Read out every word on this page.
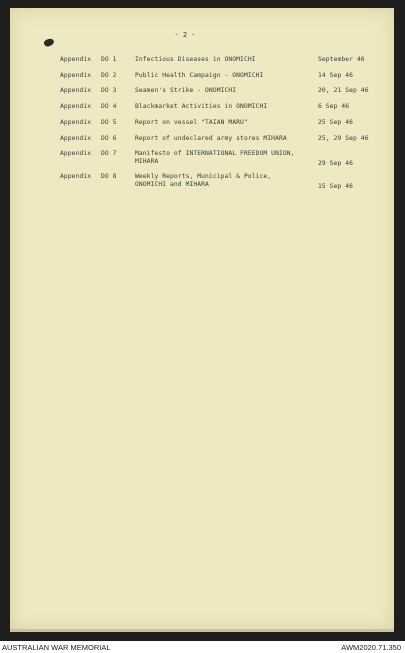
- 2 -
Appendix	DO 1	Infectious Diseases in ONOMICHI	September 46
Appendix	DO 2	Public Health Campaign - ONOMICHI	14 Sep 46
Appendix	DO 3	Seamen's Strike - ONOMICHI	20, 21 Sep 46
Appendix	DO 4	Blackmarket Activities in ONOMICHI	6 Sep 46
Appendix	DO 5	Report on vessel "TAIAN MARU"	25 Sep 46
Appendix	DO 6	Report of undeclared army stores MIHARA	25, 29 Sep 46
Appendix	DO 7	Manifesto of INTERNATIONAL FREEDOM UNION,
MIHARA	29 Sep 46
Appendix	DO 8	Weekly Reports, Municipal & Police,
ONOMICHI and MIHARA	15 Sep 46
AUSTRALIAN WAR MEMORIAL	AWM2020.71.350
